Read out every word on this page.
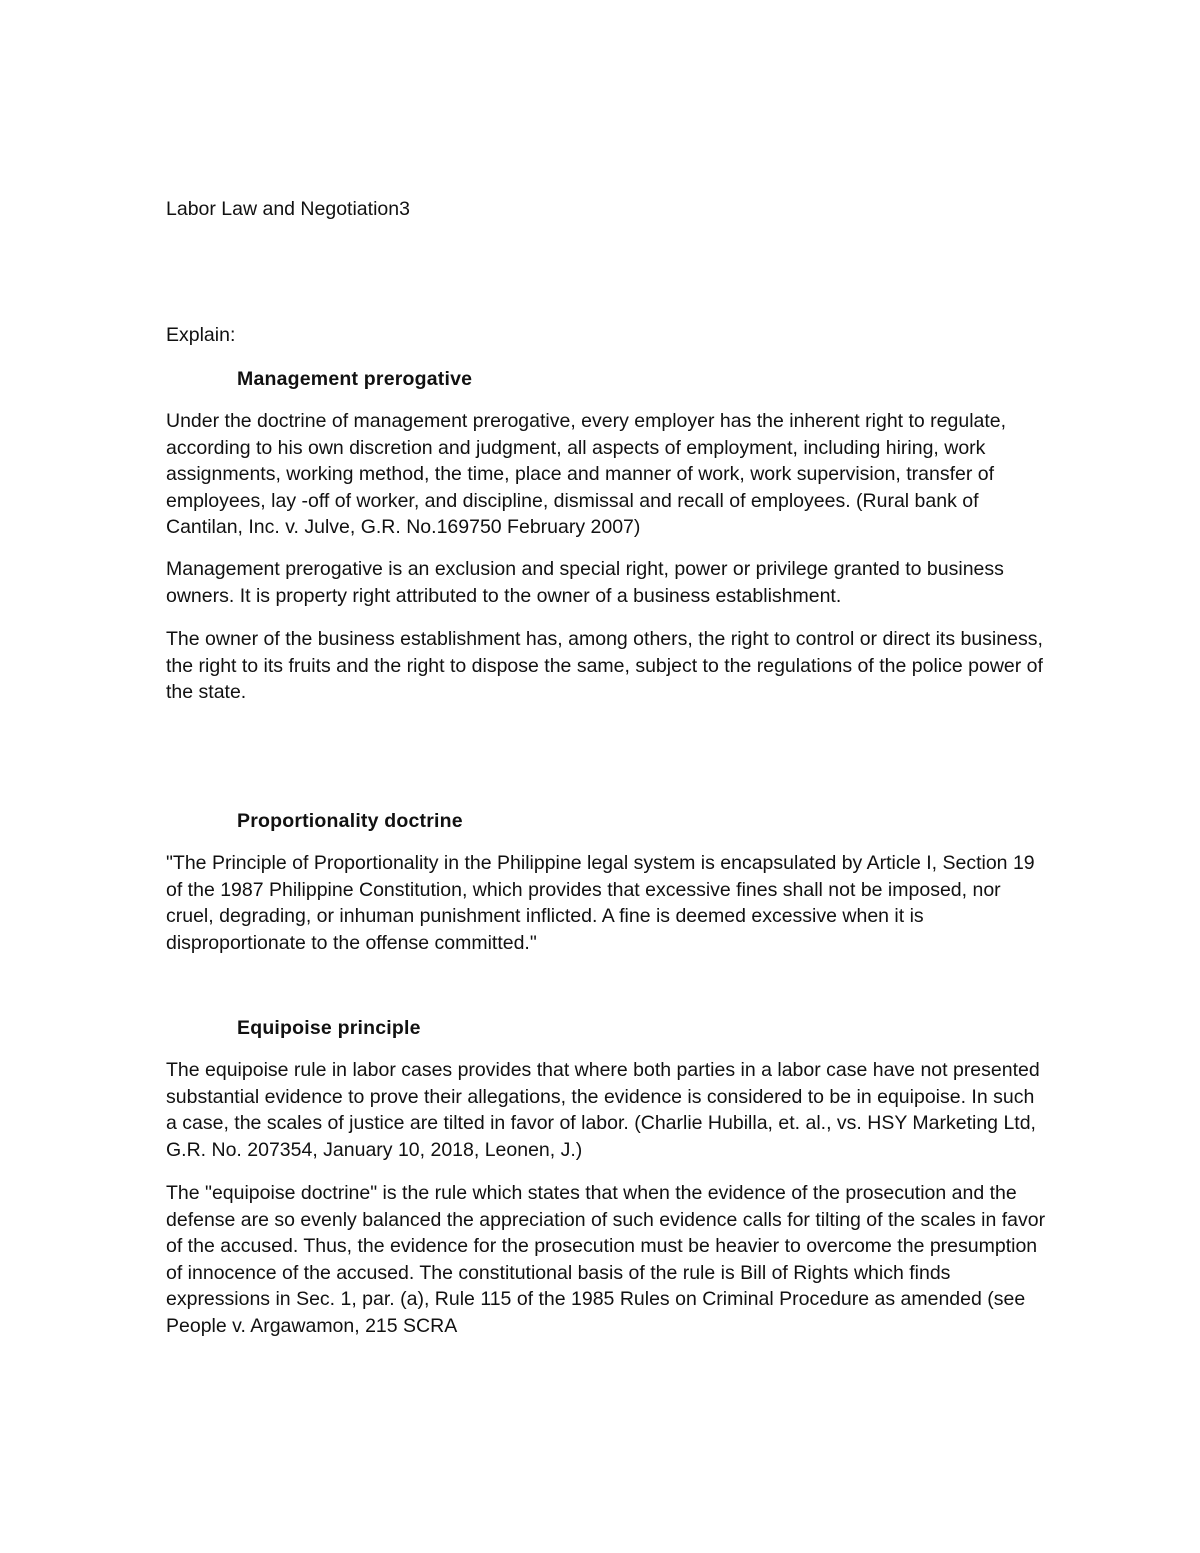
Labor Law and Negotiation3

Explain:

Management prerogative

Under the doctrine of management prerogative, every employer has the inherent right to regulate, according to his own discretion and judgment, all aspects of employment, including hiring, work assignments, working method, the time, place and manner of work, work supervision, transfer of employees, lay -off of worker, and discipline, dismissal and recall of employees. (Rural bank of Cantilan, Inc. v. Julve, G.R. No.169750 February 2007)

Management prerogative is an exclusion and special right, power or privilege granted to business owners. It is property right attributed to the owner of a business establishment.

The owner of the business establishment has, among others, the right to control or direct its business, the right to its fruits and the right to dispose the same, subject to the regulations of the police power of the state.

Proportionality doctrine

"The Principle of Proportionality in the Philippine legal system is encapsulated by Article I, Section 19 of the 1987 Philippine Constitution, which provides that excessive fines shall not be imposed, nor cruel, degrading, or inhuman punishment inflicted. A fine is deemed excessive when it is disproportionate to the offense committed."

Equipoise principle

The equipoise rule in labor cases provides that where both parties in a labor case have not presented substantial evidence to prove their allegations, the evidence is considered to be in equipoise. In such a case, the scales of justice are tilted in favor of labor. (Charlie Hubilla, et. al., vs. HSY Marketing Ltd, G.R. No. 207354, January 10, 2018, Leonen, J.)

The "equipoise doctrine" is the rule which states that when the evidence of the prosecution and the defense are so evenly balanced the appreciation of such evidence calls for tilting of the scales in favor of the accused. Thus, the evidence for the prosecution must be heavier to overcome the presumption of innocence of the accused. The constitutional basis of the rule is Bill of Rights which finds expressions in Sec. 1, par. (a), Rule 115 of the 1985 Rules on Criminal Procedure as amended (see People v. Argawamon, 215 SCRA
